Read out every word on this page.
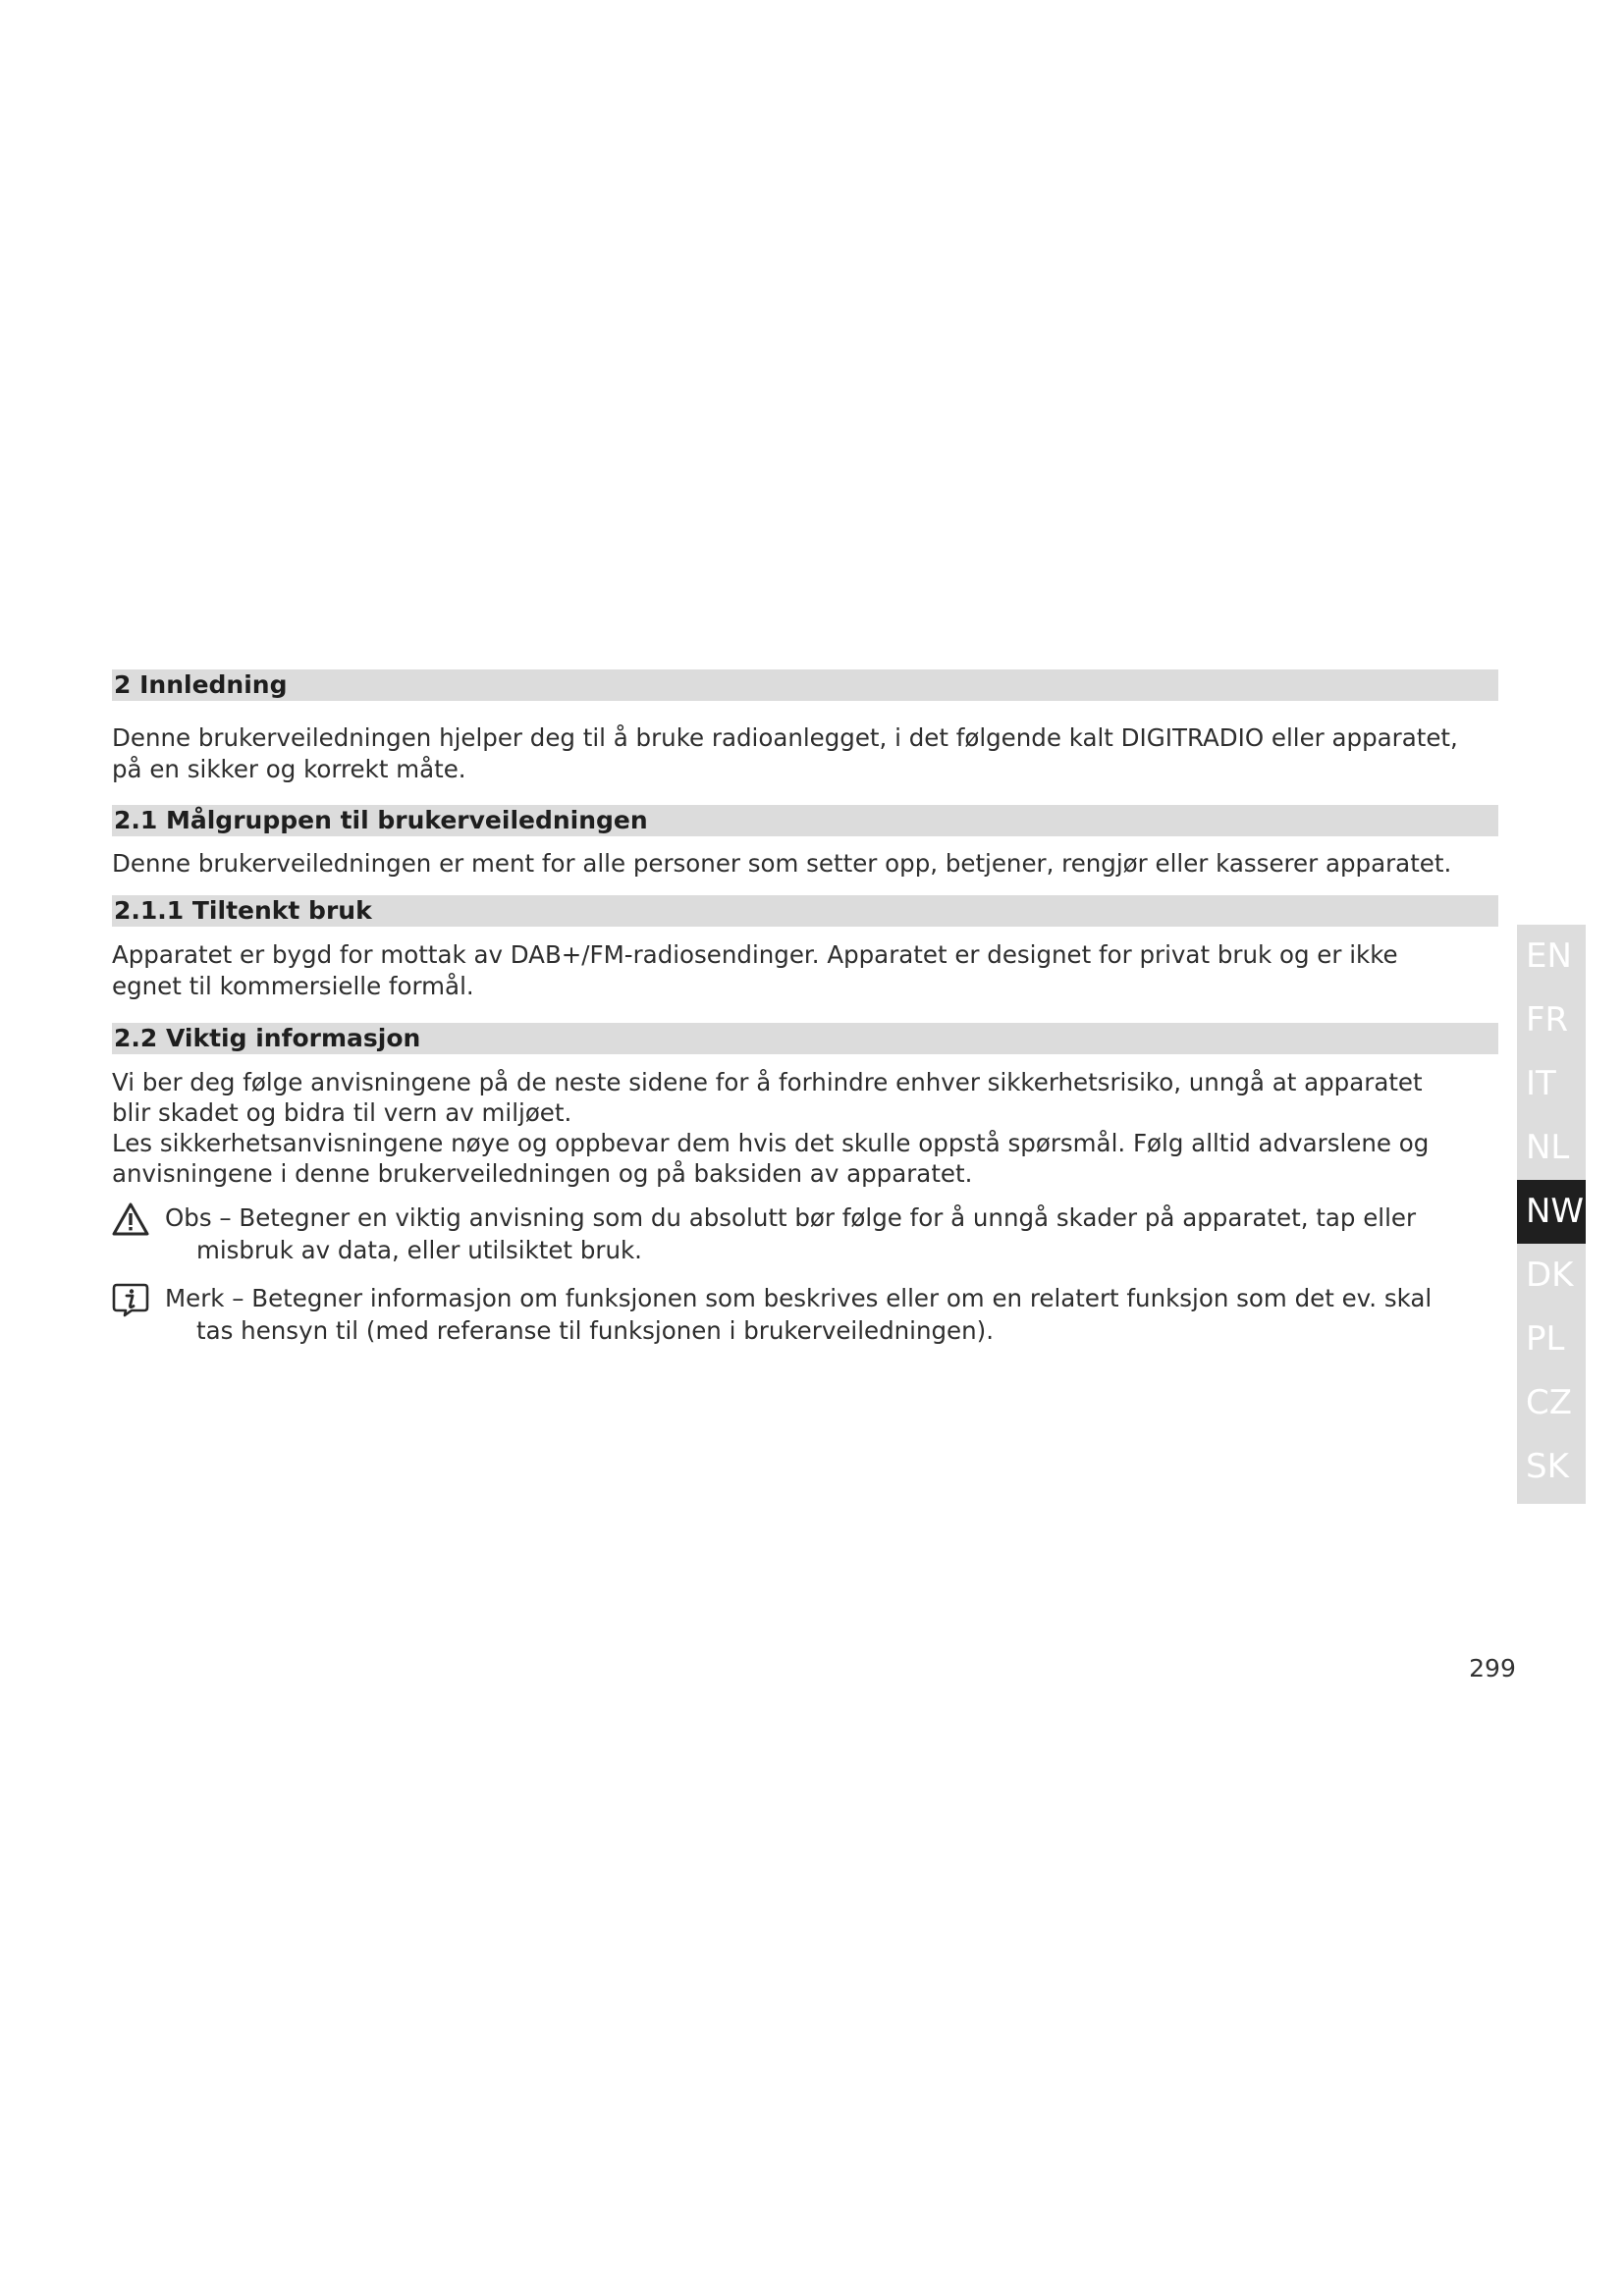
2 Innledning
Denne brukerveiledningen hjelper deg til å bruke radioanlegget, i det følgende kalt DIGITRADIO eller apparatet,
på en sikker og korrekt måte.
2.1 Målgruppen til brukerveiledningen
Denne brukerveiledningen er ment for alle personer som setter opp, betjener, rengjør eller kasserer apparatet.
2.1.1 Tiltenkt bruk
Apparatet er bygd for mottak av DAB+/FM-radiosendinger. Apparatet er designet for privat bruk og er ikke
egnet til kommersielle formål.
2.2 Viktig informasjon
Vi ber deg følge anvisningene på de neste sidene for å forhindre enhver sikkerhetsrisiko, unngå at apparatet
blir skadet og bidra til vern av miljøet.
Les sikkerhetsanvisningene nøye og oppbevar dem hvis det skulle oppstå spørsmål. Følg alltid advarslene og
anvisningene i denne brukerveiledningen og på baksiden av apparatet.
Obs – Betegner en viktig anvisning som du absolutt bør følge for å unngå skader på apparatet, tap eller
misbruk av data, eller utilsiktet bruk.
Merk – Betegner informasjon om funksjonen som beskrives eller om en relatert funksjon som det ev. skal
tas hensyn til (med referanse til funksjonen i brukerveiledningen).
EN
FR
IT
NL
NW
DK
PL
CZ
SK
299
